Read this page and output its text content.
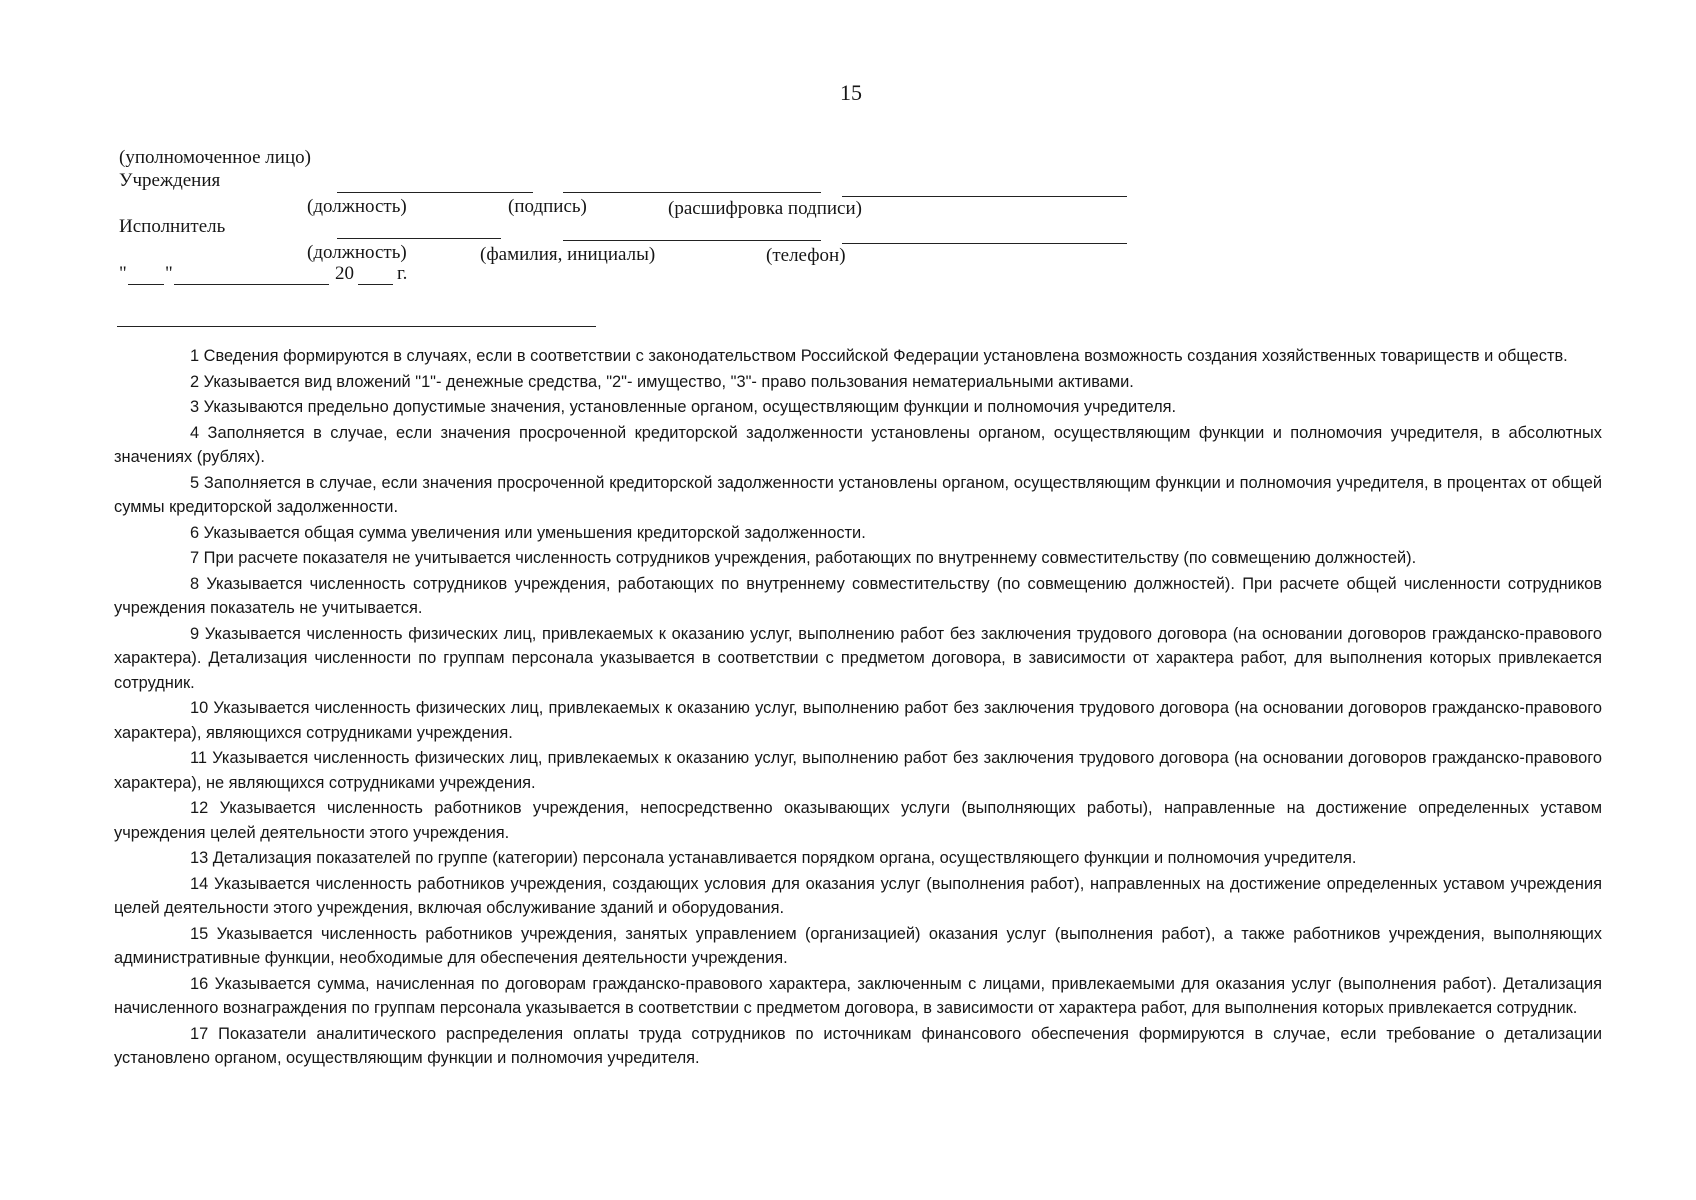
15
(уполномоченное лицо)
Учреждения
(должность)	(подпись)	(расшифровка подписи)
Исполнитель
(должность)	(фамилия, инициалы)	(телефон)
" "	20 г.

1 Сведения формируются в случаях, если в соответствии с законодательством Российской Федерации установлена возможность создания хозяйственных товариществ и обществ.

2 Указывается вид вложений "1"- денежные средства, "2"- имущество, "3"- право пользования нематериальными активами.

3 Указываются предельно допустимые значения, установленные органом, осуществляющим функции и полномочия учредителя.

4 Заполняется в случае, если значения просроченной кредиторской задолженности установлены органом, осуществляющим функции и полномочия учредителя, в абсолютных значениях (рублях).

5 Заполняется в случае, если значения просроченной кредиторской задолженности установлены органом, осуществляющим функции и полномочия учредителя, в процентах от общей суммы кредиторской задолженности.

6 Указывается общая сумма увеличения или уменьшения кредиторской задолженности.

7 При расчете показателя не учитывается численность сотрудников учреждения, работающих по внутреннему совместительству (по совмещению должностей).

8 Указывается численность сотрудников учреждения, работающих по внутреннему совместительству (по совмещению должностей). При расчете общей численности сотрудников учреждения показатель не учитывается.

9 Указывается численность физических лиц, привлекаемых к оказанию услуг, выполнению работ без заключения трудового договора (на основании договоров гражданско-правового характера). Детализация численности по группам персонала указывается в соответствии с предметом договора, в зависимости от характера работ, для выполнения которых привлекается сотрудник.

10 Указывается численность физических лиц, привлекаемых к оказанию услуг, выполнению работ без заключения трудового договора (на основании договоров гражданско-правового характера), являющихся сотрудниками учреждения.

11 Указывается численность физических лиц, привлекаемых к оказанию услуг, выполнению работ без заключения трудового договора (на основании договоров гражданско-правового характера), не являющихся сотрудниками учреждения.

12 Указывается численность работников учреждения, непосредственно оказывающих услуги (выполняющих работы), направленные на достижение определенных уставом учреждения целей деятельности этого учреждения.

13 Детализация показателей по группе (категории) персонала устанавливается порядком органа, осуществляющего функции и полномочия учредителя.

14 Указывается численность работников учреждения, создающих условия для оказания услуг (выполнения работ), направленных на достижение определенных уставом учреждения целей деятельности этого учреждения, включая обслуживание зданий и оборудования.

15 Указывается численность работников учреждения, занятых управлением (организацией) оказания услуг (выполнения работ), а также работников учреждения, выполняющих административные функции, необходимые для обеспечения деятельности учреждения.

16 Указывается сумма, начисленная по договорам гражданско-правового характера, заключенным с лицами, привлекаемыми для оказания услуг (выполнения работ). Детализация начисленного вознаграждения по группам персонала указывается в соответствии с предметом договора, в зависимости от характера работ, для выполнения которых привлекается сотрудник.

17 Показатели аналитического распределения оплаты труда сотрудников по источникам финансового обеспечения формируются в случае, если требование о детализации установлено органом, осуществляющим функции и полномочия учредителя.
